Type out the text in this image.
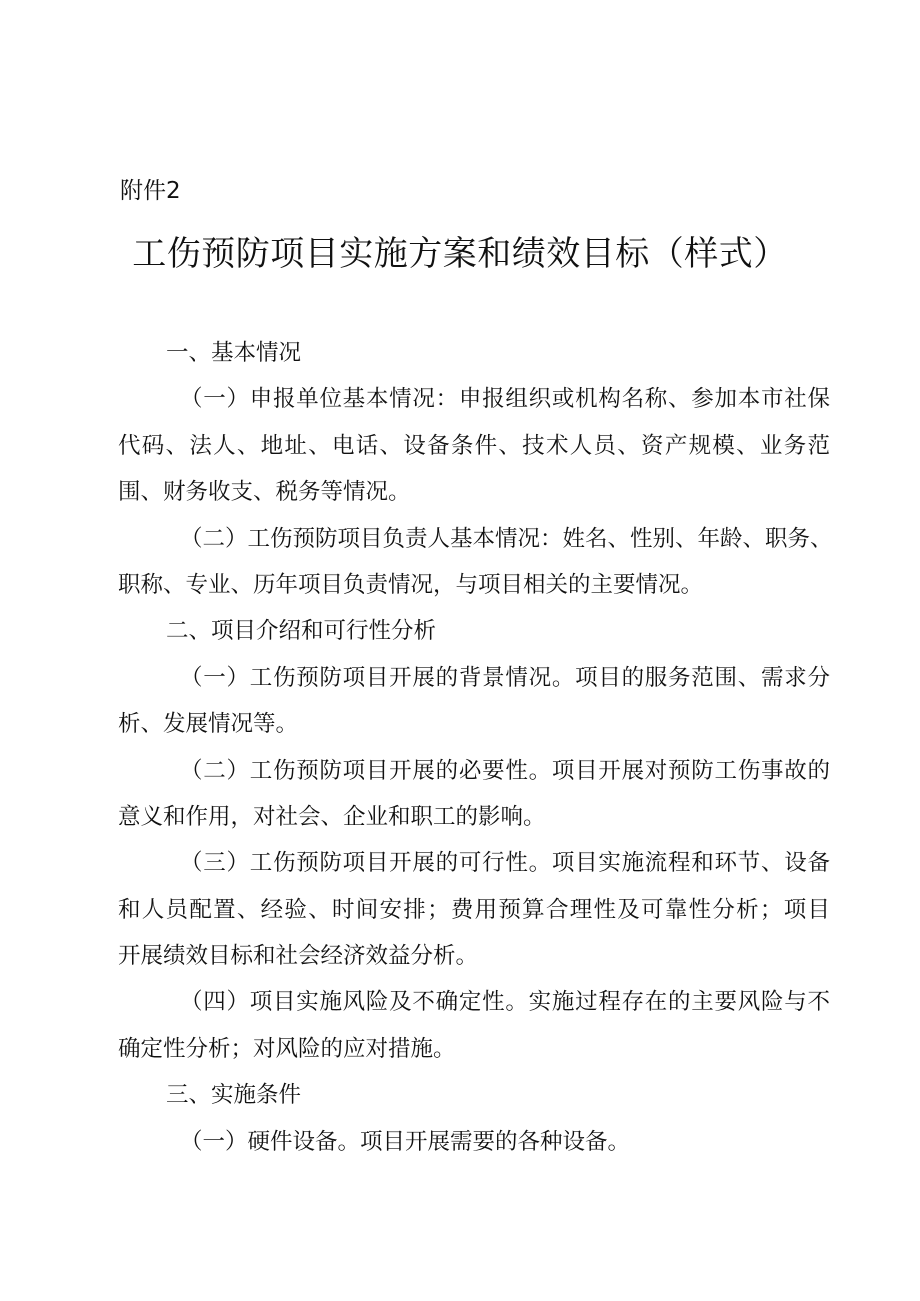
附件2
工伤预防项目实施方案和绩效目标（样式）
一、基本情况
（一）申报单位基本情况：申报组织或机构名称、参加本市社保
代码、法人、地址、电话、设备条件、技术人员、资产规模、业务范
围、财务收支、税务等情况。
（二）工伤预防项目负责人基本情况：姓名、性别、年龄、职务、
职称、专业、历年项目负责情况，与项目相关的主要情况。
二、项目介绍和可行性分析
（一）工伤预防项目开展的背景情况。项目的服务范围、需求分
析、发展情况等。
（二）工伤预防项目开展的必要性。项目开展对预防工伤事故的
意义和作用，对社会、企业和职工的影响。
（三）工伤预防项目开展的可行性。项目实施流程和环节、设备
和人员配置、经验、时间安排；费用预算合理性及可靠性分析；项目
开展绩效目标和社会经济效益分析。
（四）项目实施风险及不确定性。实施过程存在的主要风险与不
确定性分析；对风险的应对措施。
三、实施条件
（一）硬件设备。项目开展需要的各种设备。
